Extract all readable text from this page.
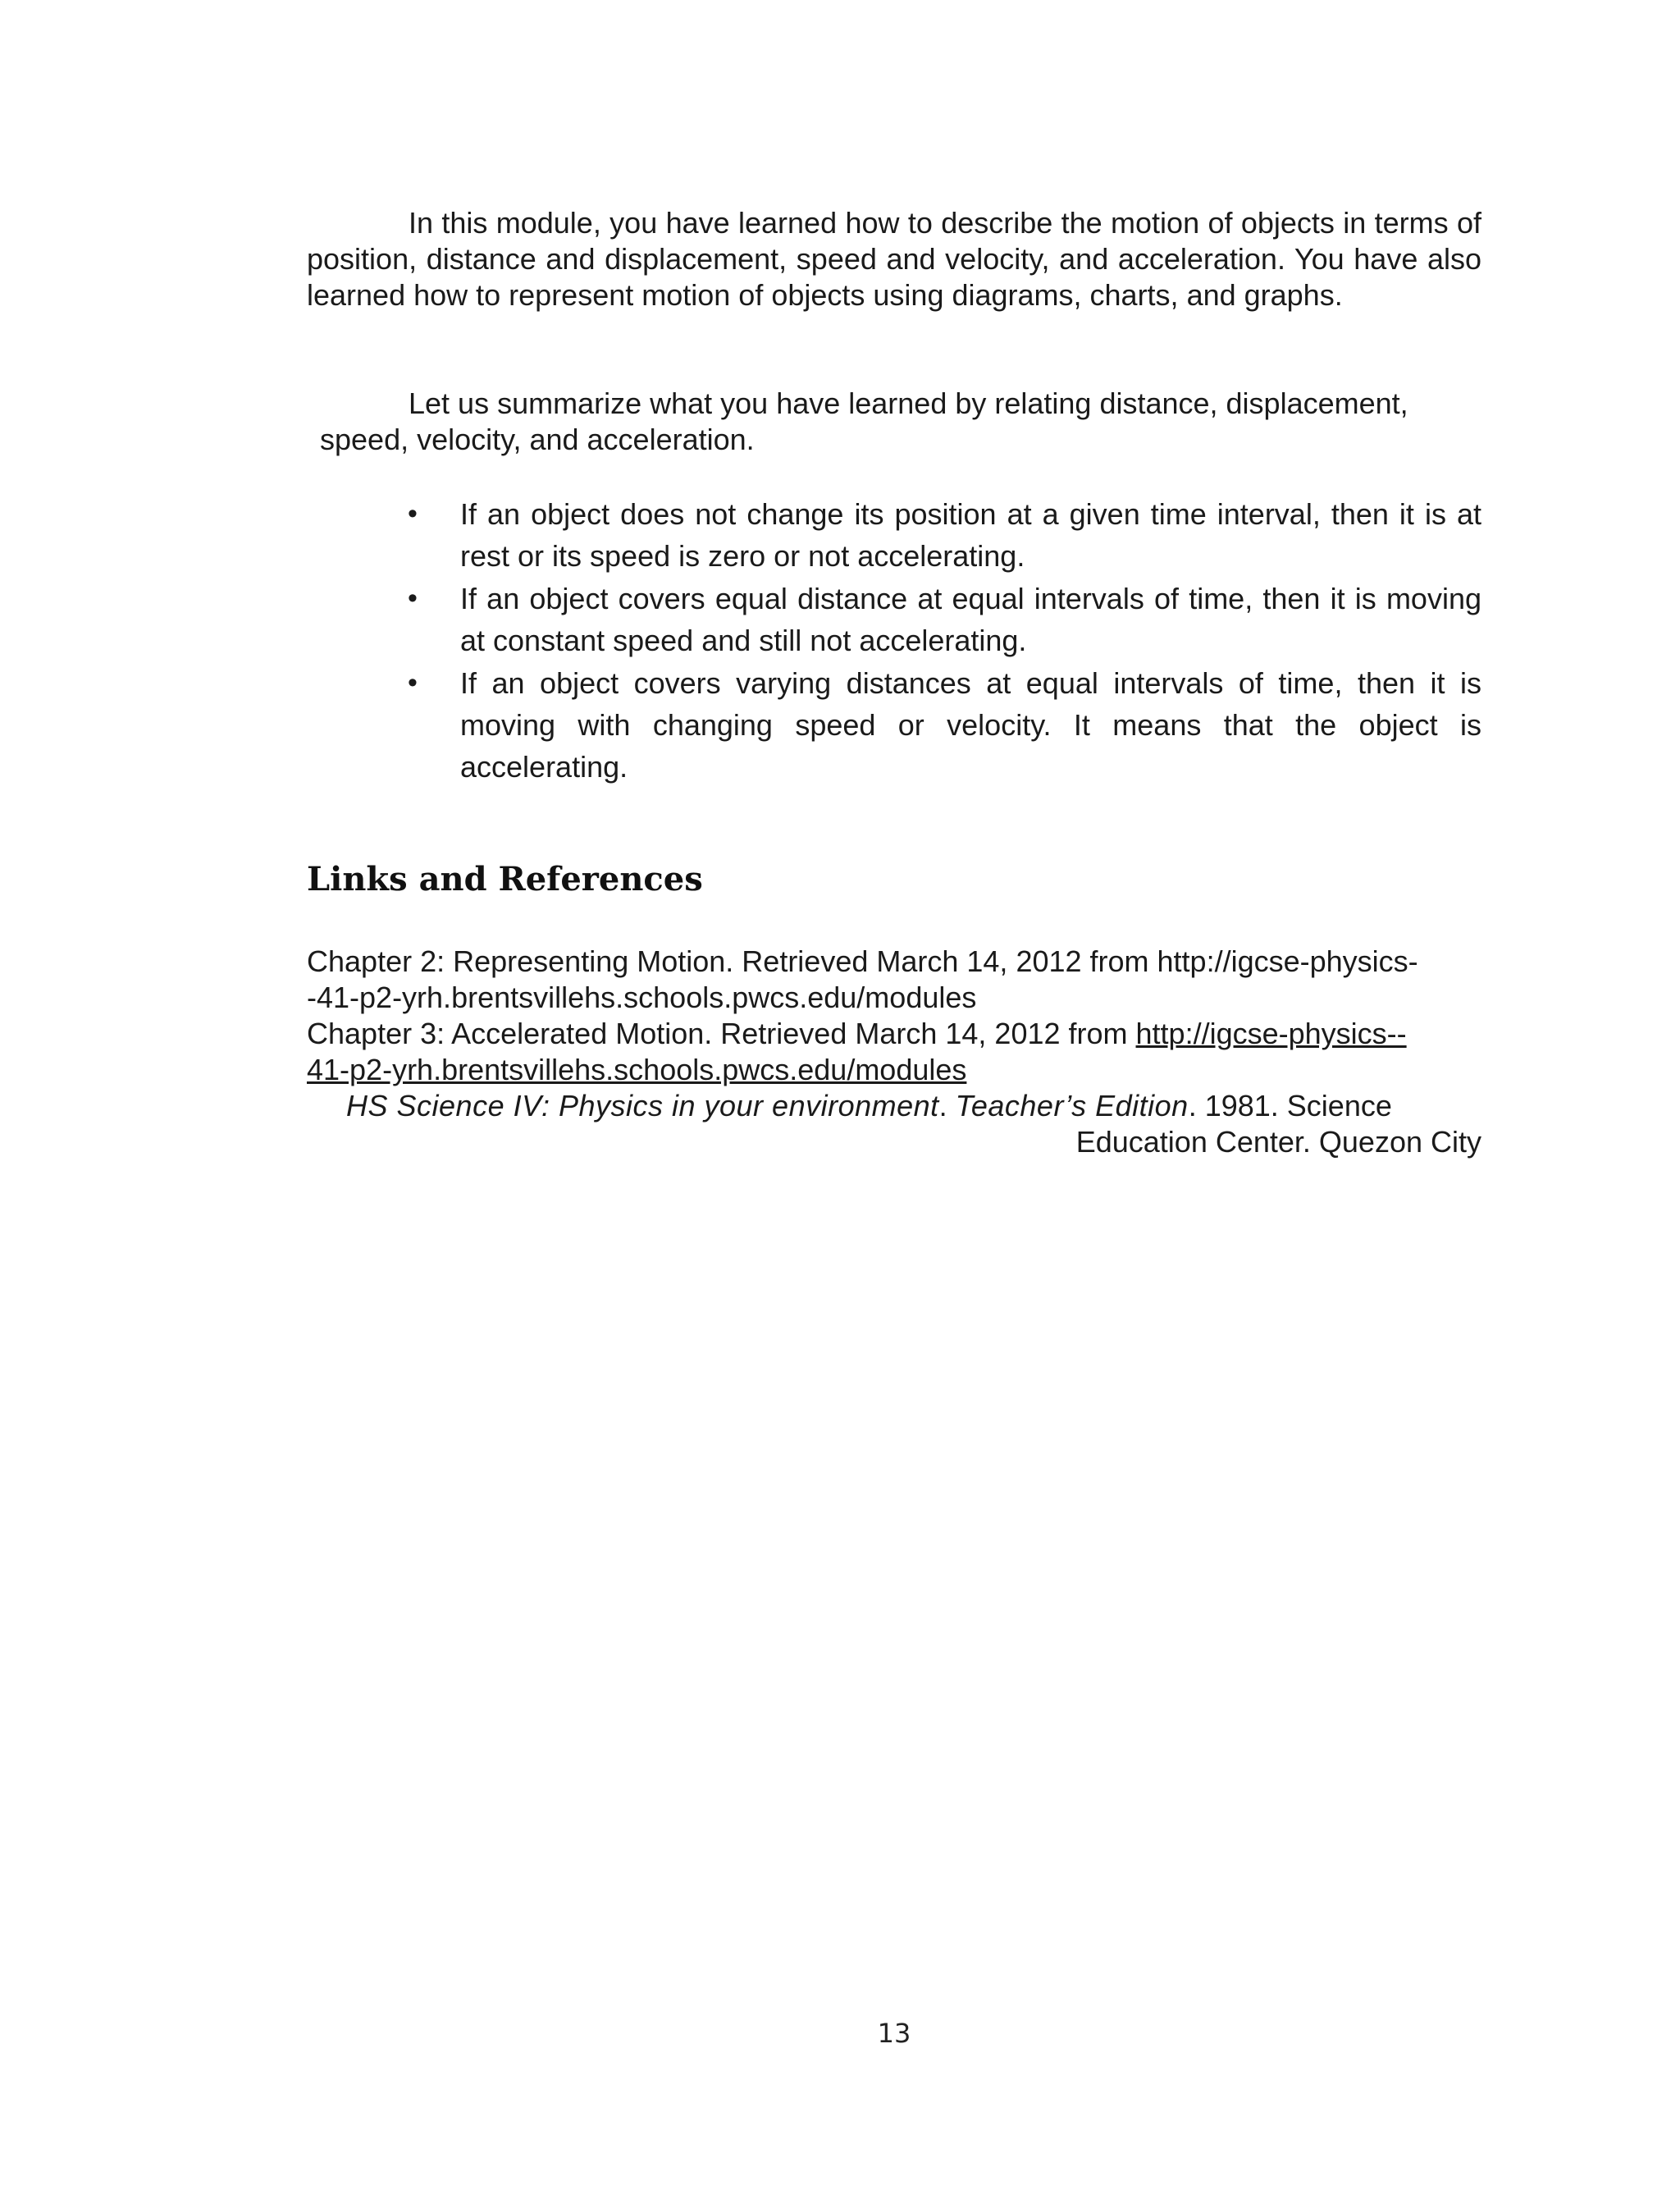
In this module, you have learned how to describe the motion of objects in terms of position, distance and displacement, speed and velocity, and acceleration. You have also learned how to represent motion of objects using diagrams, charts, and graphs.

Let us summarize what you have learned by relating distance, displacement,
speed, velocity, and acceleration.

• If an object does not change its position at a given time interval, then it is at rest or its speed is zero or not accelerating.
• If an object covers equal distance at equal intervals of time, then it is moving at constant speed and still not accelerating.
• If an object covers varying distances at equal intervals of time, then it is moving with changing speed or velocity. It means that the object is accelerating.
Links and References
Chapter 2: Representing Motion. Retrieved March 14, 2012 from http://igcse-physics-
-41-p2-yrh.brentsvillehs.schools.pwcs.edu/modules
Chapter 3: Accelerated Motion. Retrieved March 14, 2012 from http://igcse-physics--
41-p2-yrh.brentsvillehs.schools.pwcs.edu/modules
HS Science IV: Physics in your environment. Teacher’s Edition. 1981. Science
Education Center. Quezon City
13
